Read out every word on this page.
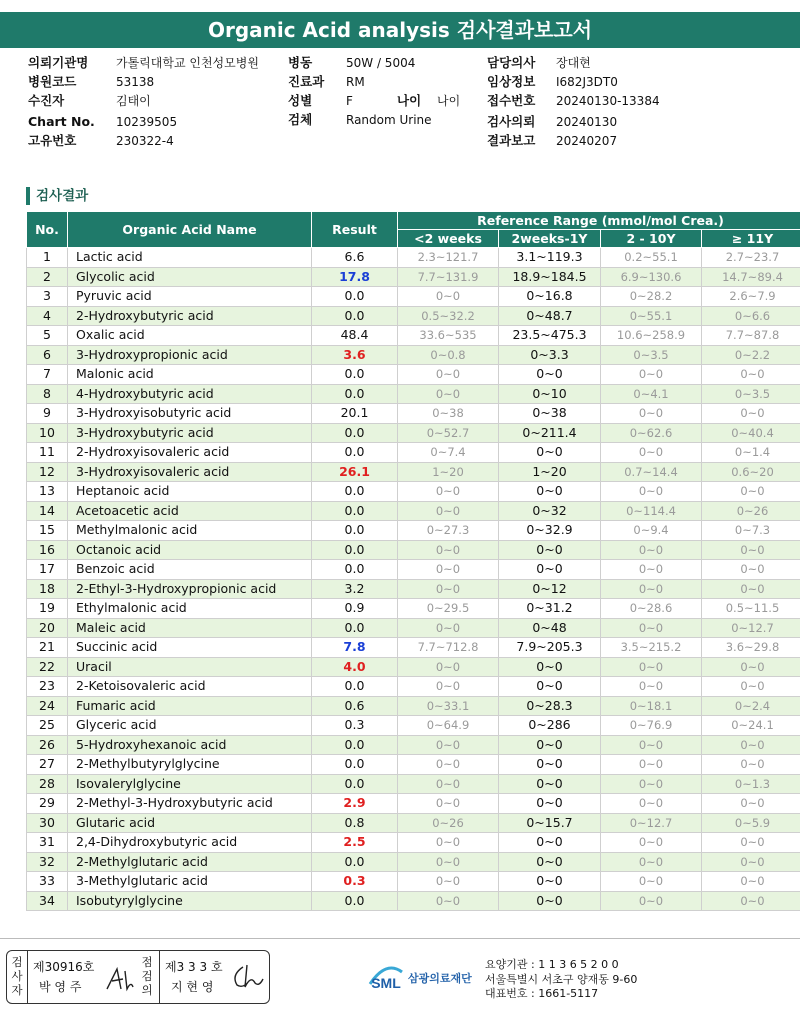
Organic Acid analysis 검사결과보고서
의뢰기관명 가톨릭대학교 인천성모병원
병원코드	53138
수진자	김태이
Chart No. 10239505
고유번호	230322-4
병동	50W / 5004
진료과 RM
성별	F
검체	Random Urine
나이 나이
담당의사 장대현
임상정보 I682J3DT0
접수번호 20240130-13384
검사의뢰 20240130
결과보고 20240207
검사결과
No.	Organic Acid Name	Result	Reference Range (mmol/mol Crea.)			
			<2 weeks	2weeks-1Y	2 - 10Y	≥ 11Y
1	Lactic acid	6.6	2.3~121.7	3.1~119.3	0.2~55.1	2.7~23.7
2	Glycolic acid	17.8	7.7~131.9	18.9~184.5	6.9~130.6	14.7~89.4
3	Pyruvic acid	0.0	0~0	0~16.8	0~28.2	2.6~7.9
4	2-Hydroxybutyric acid	0.0	0.5~32.2	0~48.7	0~55.1	0~6.6
5	Oxalic acid	48.4	33.6~535	23.5~475.3	10.6~258.9	7.7~87.8
6	3-Hydroxypropionic acid	3.6	0~0.8	0~3.3	0~3.5	0~2.2
7	Malonic acid	0.0	0~0	0~0	0~0	0~0
8	4-Hydroxybutyric acid	0.0	0~0	0~10	0~4.1	0~3.5
9	3-Hydroxyisobutyric acid	20.1	0~38	0~38	0~0	0~0
10	3-Hydroxybutyric acid	0.0	0~52.7	0~211.4	0~62.6	0~40.4
11	2-Hydroxyisovaleric acid	0.0	0~7.4	0~0	0~0	0~1.4
12	3-Hydroxyisovaleric acid	26.1	1~20	1~20	0.7~14.4	0.6~20
13	Heptanoic acid	0.0	0~0	0~0	0~0	0~0
14	Acetoacetic acid	0.0	0~0	0~32	0~114.4	0~26
15	Methylmalonic acid	0.0	0~27.3	0~32.9	0~9.4	0~7.3
16	Octanoic acid	0.0	0~0	0~0	0~0	0~0
17	Benzoic acid	0.0	0~0	0~0	0~0	0~0
18	2-Ethyl-3-Hydroxypropionic acid	3.2	0~0	0~12	0~0	0~0
19	Ethylmalonic acid	0.9	0~29.5	0~31.2	0~28.6	0.5~11.5
20	Maleic acid	0.0	0~0	0~48	0~0	0~12.7
21	Succinic acid	7.8	7.7~712.8	7.9~205.3	3.5~215.2	3.6~29.8
22	Uracil	4.0	0~0	0~0	0~0	0~0
23	2-Ketoisovaleric acid	0.0	0~0	0~0	0~0	0~0
24	Fumaric acid	0.6	0~33.1	0~28.3	0~18.1	0~2.4
25	Glyceric acid	0.3	0~64.9	0~286	0~76.9	0~24.1
26	5-Hydroxyhexanoic acid	0.0	0~0	0~0	0~0	0~0
27	2-Methylbutyrylglycine	0.0	0~0	0~0	0~0	0~0
28	Isovalerylglycine	0.0	0~0	0~0	0~0	0~1.3
29	2-Methyl-3-Hydroxybutyric acid	2.9	0~0	0~0	0~0	0~0
30	Glutaric acid	0.8	0~26	0~15.7	0~12.7	0~5.9
31	2,4-Dihydroxybutyric acid	2.5	0~0	0~0	0~0	0~0
32	2-Methylglutaric acid	0.0	0~0	0~0	0~0	0~0
33	3-Methylglutaric acid	0.3	0~0	0~0	0~0	0~0
34	Isobutyrylglycine	0.0	0~0	0~0	0~0	0~0
검사자
제30916호
박 영 주
점검의
제3 3 3 호
지 현 영	SML 삼광의료재단
요양기관 : 1 1 3 6 5 2 0 0
서울특별시 서초구 양재동 9-60
대표번호 : 1661-5117
